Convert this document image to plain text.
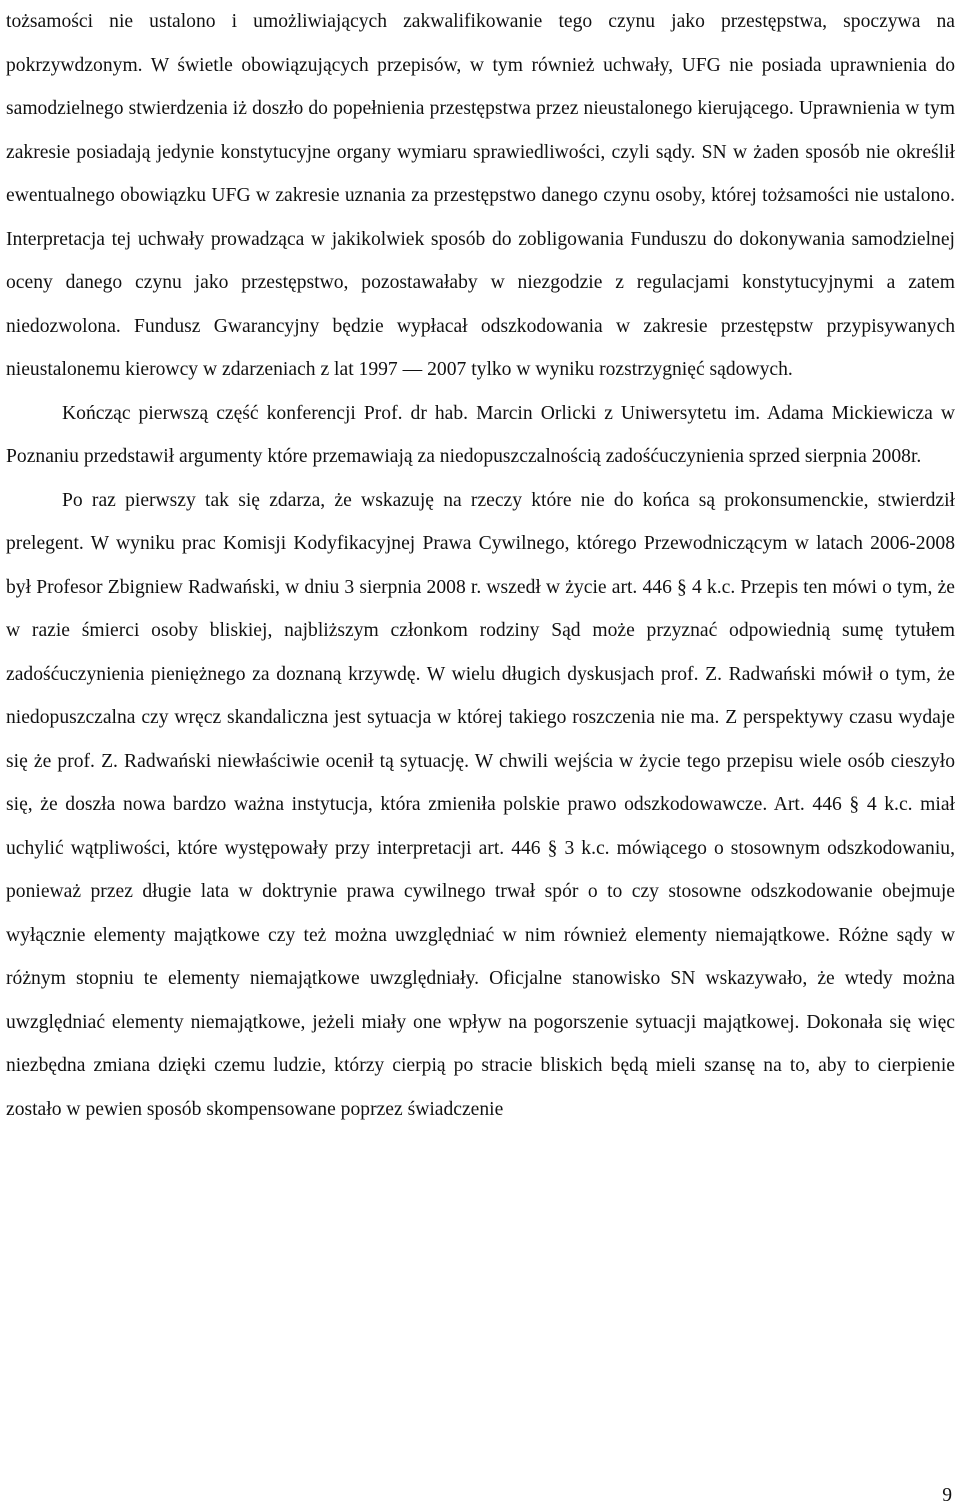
tożsamości nie ustalono i umożliwiających zakwalifikowanie tego czynu jako przestępstwa, spoczywa na pokrzywdzonym. W świetle obowiązujących przepisów, w tym również uchwały, UFG nie posiada uprawnienia do samodzielnego stwierdzenia iż doszło do popełnienia przestępstwa przez nieustalonego kierującego. Uprawnienia w tym zakresie posiadają jedynie konstytucyjne organy wymiaru sprawiedliwości, czyli sądy. SN w żaden sposób nie określił ewentualnego obowiązku UFG w zakresie uznania za przestępstwo danego czynu osoby, której tożsamości nie ustalono. Interpretacja tej uchwały prowadząca w jakikolwiek sposób do zobligowania Funduszu do dokonywania samodzielnej oceny danego czynu jako przestępstwo, pozostawałaby w niezgodzie z regulacjami konstytucyjnymi a zatem niedozwolona. Fundusz Gwarancyjny będzie wypłacał odszkodowania w zakresie przestępstw przypisywanych nieustalonemu kierowcy w zdarzeniach z lat 1997 — 2007 tylko w wyniku rozstrzygnięć sądowych.

Kończąc pierwszą część konferencji Prof. dr hab. Marcin Orlicki z Uniwersytetu im. Adama Mickiewicza w Poznaniu przedstawił argumenty które przemawiają za niedopuszczalnością zadośćuczynienia sprzed sierpnia 2008r.

Po raz pierwszy tak się zdarza, że wskazuję na rzeczy które nie do końca są prokonsumenckie, stwierdził prelegent. W wyniku prac Komisji Kodyfikacyjnej Prawa Cywilnego, którego Przewodniczącym w latach 2006-2008 był Profesor Zbigniew Radwański, w dniu 3 sierpnia 2008 r. wszedł w życie art. 446 § 4 k.c. Przepis ten mówi o tym, że w razie śmierci osoby bliskiej, najbliższym członkom rodziny Sąd może przyznać odpowiednią sumę tytułem zadośćuczynienia pieniężnego za doznaną krzywdę. W wielu długich dyskusjach prof. Z. Radwański mówił o tym, że niedopuszczalna czy wręcz skandaliczna jest sytuacja w której takiego roszczenia nie ma. Z perspektywy czasu wydaje się że prof. Z. Radwański niewłaściwie ocenił tą sytuację. W chwili wejścia w życie tego przepisu wiele osób cieszyło się, że doszła nowa bardzo ważna instytucja, która zmieniła polskie prawo odszkodowawcze. Art. 446 § 4 k.c. miał uchylić wątpliwości, które występowały przy interpretacji art. 446 § 3 k.c. mówiącego o stosownym odszkodowaniu, ponieważ przez długie lata w doktrynie prawa cywilnego trwał spór o to czy stosowne odszkodowanie obejmuje wyłącznie elementy majątkowe czy też można uwzględniać w nim również elementy niemajątkowe. Różne sądy w różnym stopniu te elementy niemajątkowe uwzględniały. Oficjalne stanowisko SN wskazywało, że wtedy można uwzględniać elementy niemajątkowe, jeżeli miały one wpływ na pogorszenie sytuacji majątkowej. Dokonała się więc niezbędna zmiana dzięki czemu ludzie, którzy cierpią po stracie bliskich będą mieli szansę na to, aby to cierpienie zostało w pewien sposób skompensowane poprzez świadczenie

9
